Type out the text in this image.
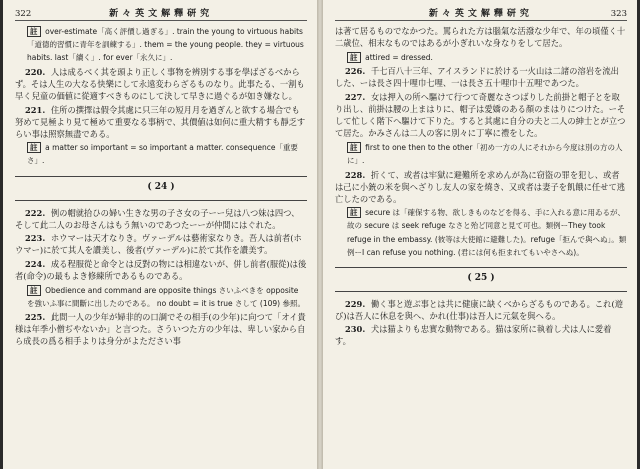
322	新々英文解釋研究

註 over-estimate「高く評價し過ぎる」. train the young to virtuous habits「道德的習慣に青年を訓練する」. them = the young people. they = virtuous habits. last「續く」. for ever「永久に」.

220. 人は成るべく其を頭より正しく事物を辨別する事を學ばざるべからず。そは人生の大なる快樂にして永遠変わらざるものなり。此事たる、一割も早く兒童の価値に從適すべきものにして決して早きに過ぐるが如き嫌なし。

221. 住所の撰擇は假令其處に只三年の短月月を過ぎんと欲する場合でも努めて見極より見て極めて重要なる事柄で、其價値は如何に重大精すも靜乏すらい事は照察無盡である。

註 a matter so important = so important a matter. consequence「重要さ」.

( 24 )

222. 例の帽就拾ひの婦い生きな男の子さ女の子ーー兒は八つ妹は四つ、そして此二人のお母さんはもう無いのであつたーーが仲間にはぐれた。

223. ホウマーは天才なりき。ヴァーデルは藝術家なりき。吾人は前者(ホウマー)に於て其人を讚美し、後者(ヴァーデル)に於て其作を讚美す。

224. 成る程服從と命令とは反對の物には相違ないが、併し前者(服從)は後者(命令)の最もよき修練所であるものである。

註 Obedience and command are opposite things さいふべきを opposite を強いふ事に間斷に出したのである。 no doubt = it is true さして (109) 參照。

225. 此間一人の少年が婦非的の口調でその相手(の少年)に向つて「オイ貴様は年季小僧ぢやないか」と言つた。さういつた方の少年は、卑しい家から自ら成長の爲る相手よりは身分がよたださい事

新々英文解釋研究	323

は著て居るものでなかつた。罵られた方は腦氣な活潑な少年で、年の頃僅く十二歳位、相末なものではあるが小ぎれいな身なりをして居た。

註 attired = dressed.

226. 千七百八十三年、アイスランドに於ける一火山は二諸の溶岩を流出した、ーは長さ四十哩巾七哩、一は長さ五十哩巾十五哩であつた。

227. 女は押入の所へ驅けて行つて奇麗なさつばりした前掛と帽子とを取り出し、前掛は腰の上まはりに、帽子は愛嬌のある顏のまはりにつけた。ーそして忙しく階下へ驅けて下りた。すると其處に自分の夫と二人の紳士とが立つて居た。かみさんは二人の客に別々に丁寧に禮をした。

註 first to one then to the other「初め一方の人にそれから今度は別の方の人に」.

228. 折くて、或者は牢獄に避難所を求めんが為に窃盜の罪を犯し、或者は己に小銃の米を與へざりし友人の家を燒き、又或者は妻子を飢餓に任せて逃亡したのである。

註 secure は「確保する物、欲しきものなどを得る、手に入れる意に用ゐるが、故の secure は seek refuge なさと殆ど同意と見て可也。類例ーThey took refuge in the embassy. (彼等は大使館に避難した)。refuge「拒んで與へぬ」。類例ーI can refuse you nothing. (君には何も拒まれてもいやさへぬ)。

( 25 )

229. 働く事と遊ぶ事とは共に健康に缺くべからざるものである。これ(遊び)は吾人に休息を與へ、かれ(仕事)は吾人に元氣を與へる。

230. 犬は猫よりも忠實な動物である。猫は家所に執着し犬は人に愛着す。
